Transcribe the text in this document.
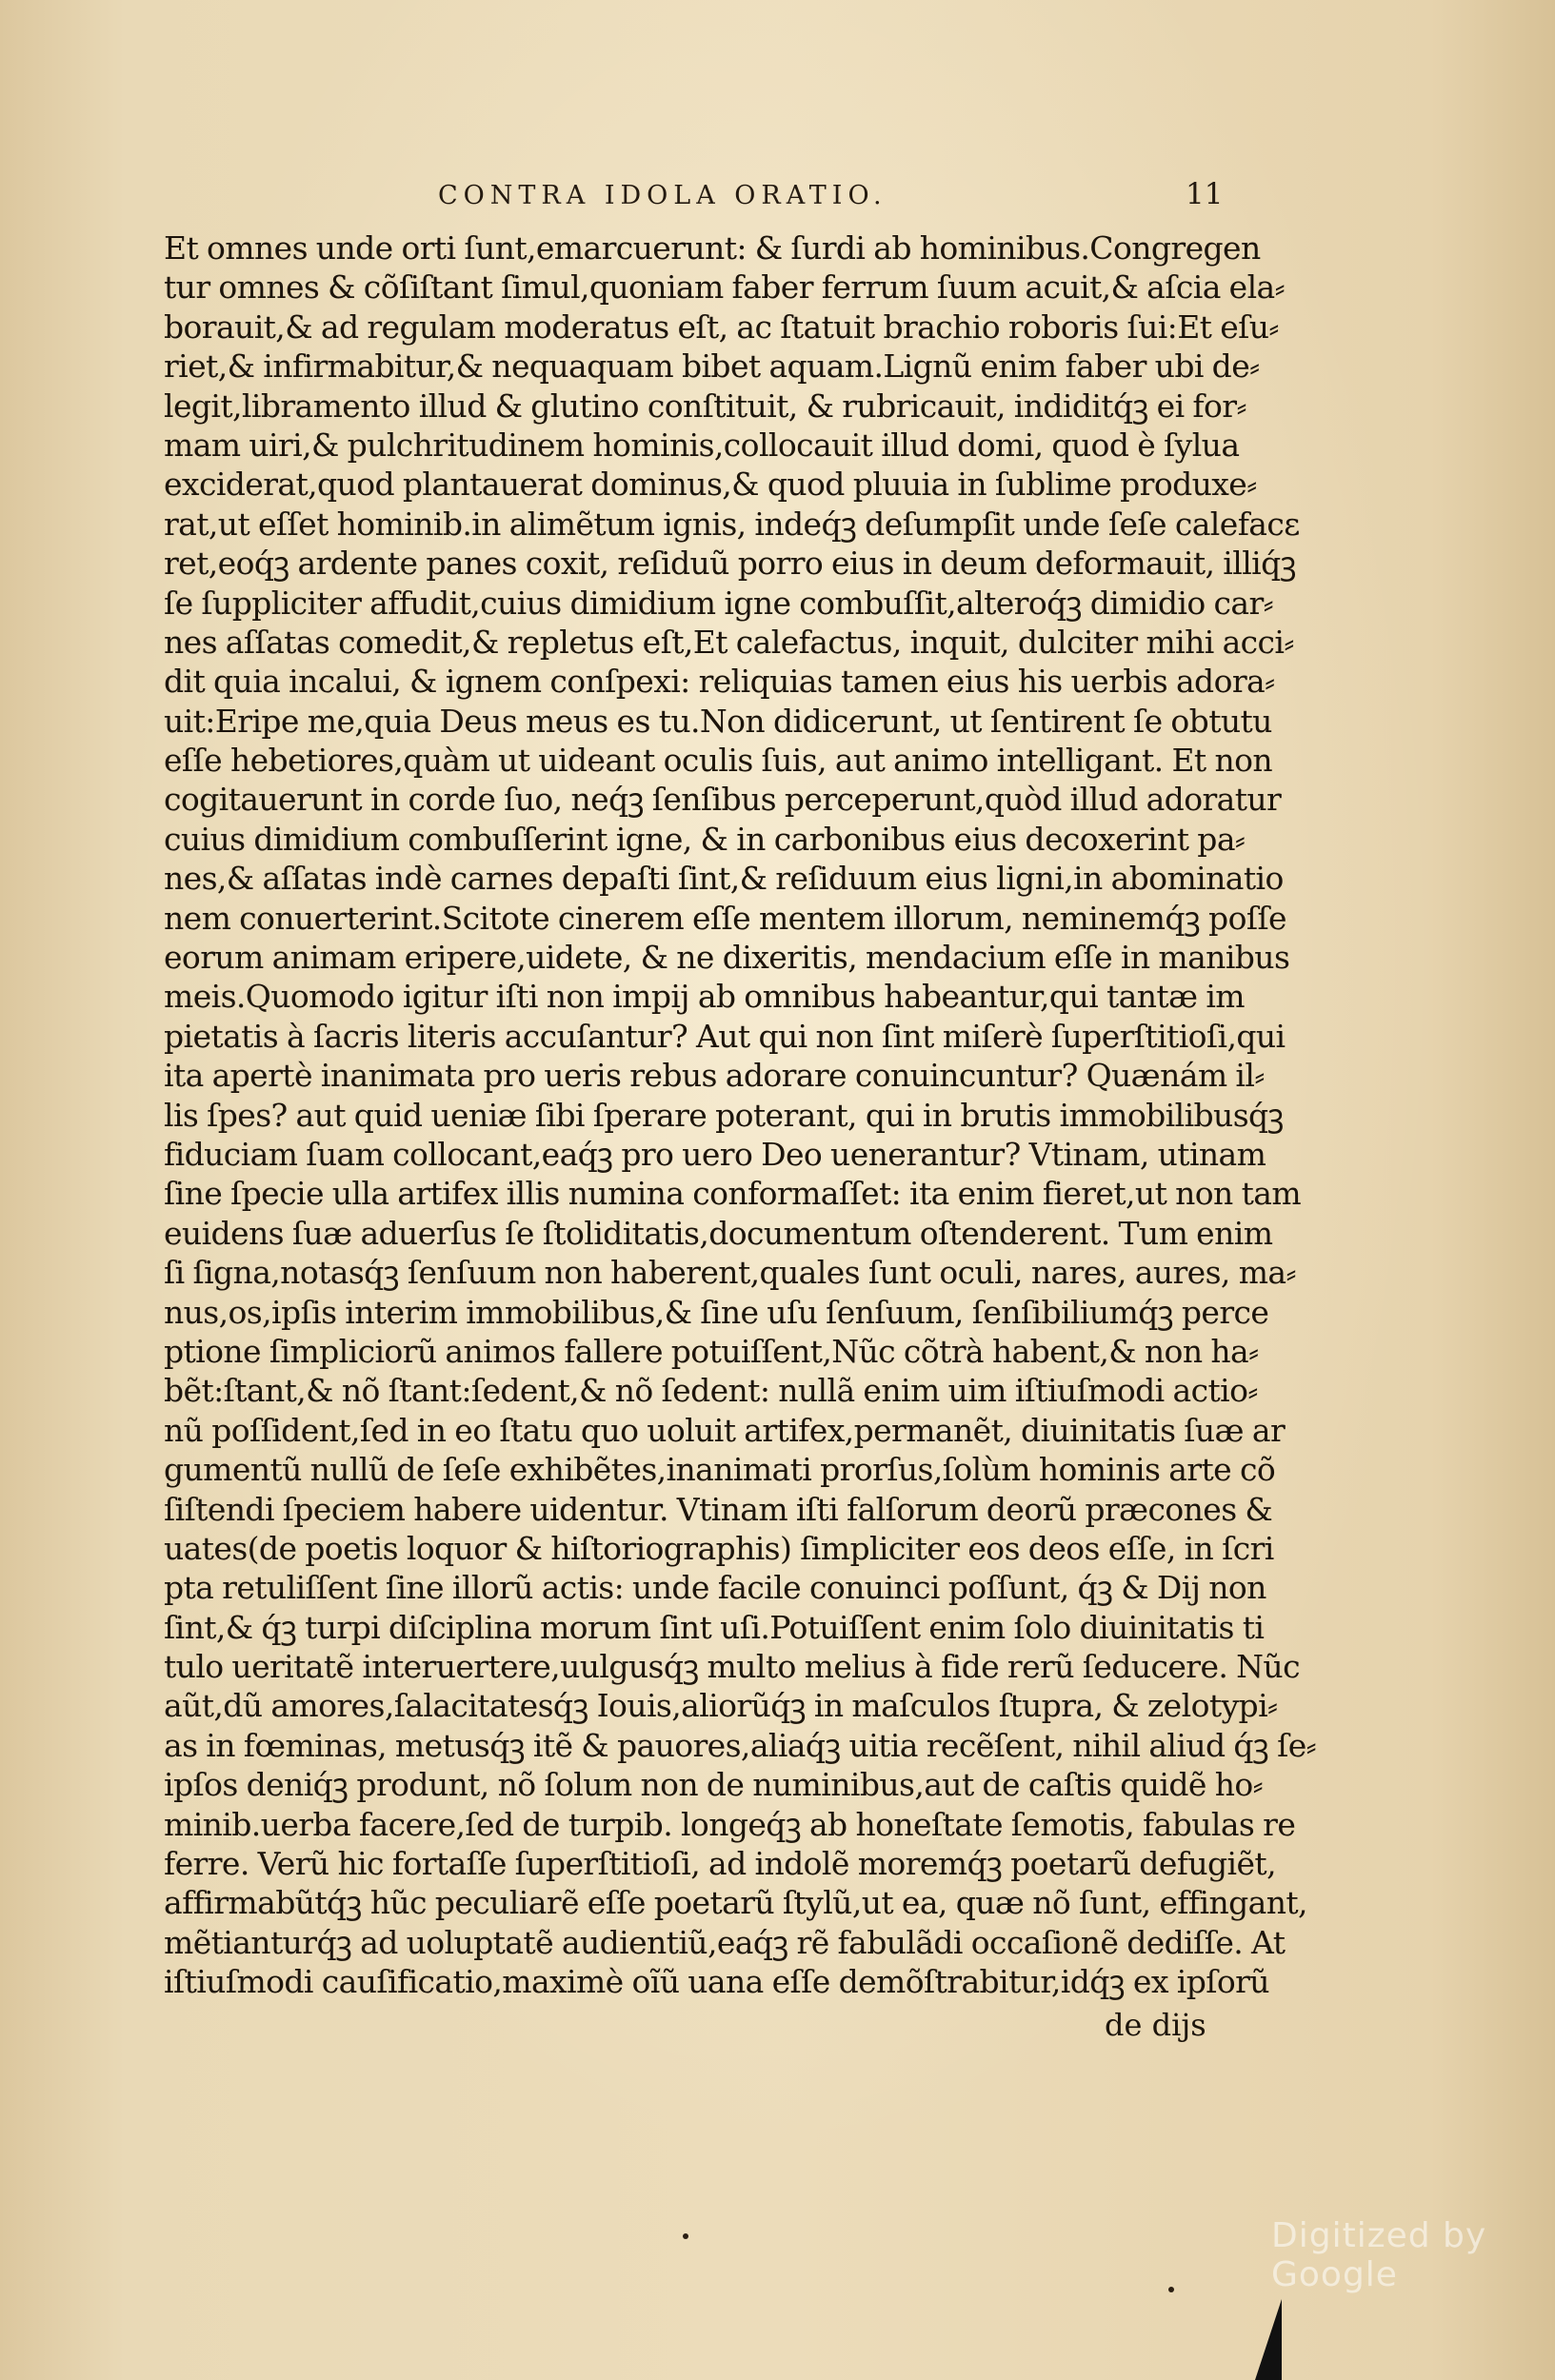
CONTRA IDOLA ORATIO.	11
Et omnes unde orti ſunt,emarcuerunt: & ſurdi ab hominibus.Congregen
tur omnes & cõſiſtant ſimul,quoniam faber ferrum ſuum acuit,& aſcia ela⸗
borauit,& ad regulam moderatus eſt, ac ſtatuit brachio roboris ſui:Et eſu⸗
riet,& infirmabitur,& nequaquam bibet aquam.Lignũ enim faber ubi de⸗
legit,libramento illud & glutino conſtituit, & rubricauit, indiditq́ꝫ ei for⸗
mam uiri,& pulchritudinem hominis,collocauit illud domi, quod è ſylua
exciderat,quod plantauerat dominus,& quod pluuia in ſublime produxe⸗
rat,ut eſſet hominib.in alimẽtum ignis, indeq́ꝫ deſumpſit unde ſeſe calefacε
ret,eoq́ꝫ ardente panes coxit, reſiduũ porro eius in deum deformauit, illiq́ꝫ
ſe ſuppliciter affudit,cuius dimidium igne combuſſit,alteroq́ꝫ dimidio car⸗
nes aſſatas comedit,& repletus eſt,Et calefactus, inquit, dulciter mihi acci⸗
dit quia incalui, & ignem conſpexi: reliquias tamen eius his uerbis adora⸗
uit:Eripe me,quia Deus meus es tu.Non didicerunt, ut ſentirent ſe obtutu
eſſe hebetiores,quàm ut uideant oculis ſuis, aut animo intelligant. Et non
cogitauerunt in corde ſuo, neq́ꝫ ſenſibus perceperunt,quòd illud adoratur
cuius dimidium combuſſerint igne, & in carbonibus eius decoxerint pa⸗
nes,& aſſatas indè carnes depaſti ſint,& reſiduum eius ligni,in abominatio
nem conuerterint.Scitote cinerem eſſe mentem illorum, neminemq́ꝫ poſſe
eorum animam eripere,uidete, & ne dixeritis, mendacium eſſe in manibus
meis.Quomodo igitur iſti non impij ab omnibus habeantur,qui tantæ im
pietatis à ſacris literis accuſantur? Aut qui non ſint miſerè ſuperſtitioſi,qui
ita apertè inanimata pro ueris rebus adorare conuincuntur? Quænám il⸗
lis ſpes? aut quid ueniæ ſibi ſperare poterant, qui in brutis immobilibusq́ꝫ
fiduciam ſuam collocant,eaq́ꝫ pro uero Deo uenerantur? Vtinam, utinam
ſine ſpecie ulla artifex illis numina conformaſſet: ita enim fieret,ut non tam
euidens ſuæ aduerſus ſe ſtoliditatis,documentum oſtenderent. Tum enim
ſi ſigna,notasq́ꝫ ſenſuum non haberent,quales ſunt oculi, nares, aures, ma⸗
nus,os,ipſis interim immobilibus,& ſine uſu ſenſuum, ſenſibiliumq́ꝫ perce
ptione ſimpliciorũ animos fallere potuiſſent,Nũc cõtrà habent,& non ha⸗
bẽt:ſtant,& nõ ſtant:ſedent,& nõ ſedent: nullã enim uim iſtiuſmodi actio⸗
nũ poſſident,ſed in eo ſtatu quo uoluit artifex,permanẽt, diuinitatis ſuæ ar
gumentũ nullũ de ſeſe exhibẽtes,inanimati prorſus,ſolùm hominis arte cõ
ſiſtendi ſpeciem habere uidentur. Vtinam iſti falſorum deorũ præcones &
uates(de poetis loquor & hiſtoriographis) ſimpliciter eos deos eſſe, in ſcri
pta retuliſſent ſine illorũ actis: unde facile conuinci poſſunt, q́ꝫ & Dij non
ſint,& q́ꝫ turpi diſciplina morum ſint uſi.Potuiſſent enim ſolo diuinitatis ti
tulo ueritatẽ interuertere,uulgusq́ꝫ multo melius à fide rerũ ſeducere. Nũc
aũt,dũ amores,ſalacitatesq́ꝫ Iouis,aliorũq́ꝫ in maſculos ſtupra, & zelotypi⸗
as in fœminas, metusq́ꝫ itẽ & pauores,aliaq́ꝫ uitia recẽſent, nihil aliud q́ꝫ ſe⸗
ipſos deniq́ꝫ produnt, nõ ſolum non de numinibus,aut de caſtis quidẽ ho⸗
minib.uerba facere,ſed de turpib. longeq́ꝫ ab honeſtate ſemotis, fabulas re
ferre. Verũ hic fortaſſe ſuperſtitioſi, ad indolẽ moremq́ꝫ poetarũ defugiẽt,
affirmabũtq́ꝫ hũc peculiarẽ eſſe poetarũ ſtylũ,ut ea, quæ nõ ſunt, effingant,
mẽtianturq́ꝫ ad uoluptatẽ audientiũ,eaq́ꝫ rẽ fabulãdi occaſionẽ dediſſe. At
iſtiuſmodi cauſificatio,maximè oĩũ uana eſſe demõſtrabitur,idq́ꝫ ex ipſorũ
de dijs
Digitized by Google
